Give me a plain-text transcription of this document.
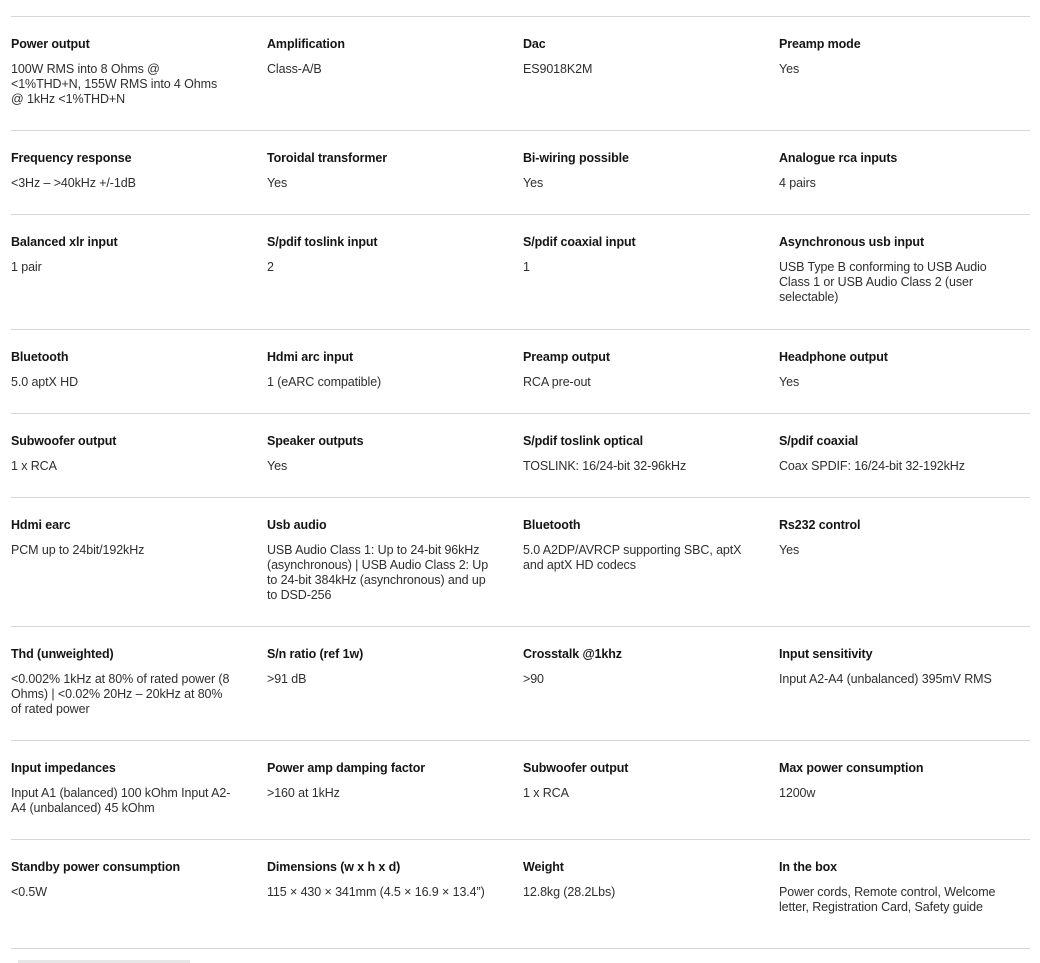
Power output
100W RMS into 8 Ohms @ <1%THD+N, 155W RMS into 4 Ohms @ 1kHz <1%THD+N
Amplification
Class-A/B
Dac
ES9018K2M
Preamp mode
Yes
Frequency response
<3Hz – >40kHz +/-1dB
Toroidal transformer
Yes
Bi-wiring possible
Yes
Analogue rca inputs
4 pairs
Balanced xlr input
1 pair
S/pdif toslink input
2
S/pdif coaxial input
1
Asynchronous usb input
USB Type B conforming to USB Audio Class 1 or USB Audio Class 2 (user selectable)
Bluetooth
5.0 aptX HD
Hdmi arc input
1 (eARC compatible)
Preamp output
RCA pre-out
Headphone output
Yes
Subwoofer output
1 x RCA
Speaker outputs
Yes
S/pdif toslink optical
TOSLINK: 16/24-bit 32-96kHz
S/pdif coaxial
Coax SPDIF: 16/24-bit 32-192kHz
Hdmi earc
PCM up to 24bit/192kHz
Usb audio
USB Audio Class 1: Up to 24-bit 96kHz (asynchronous) | USB Audio Class 2: Up to 24-bit 384kHz (asynchronous) and up to DSD-256
Bluetooth
5.0 A2DP/AVRCP supporting SBC, aptX and aptX HD codecs
Rs232 control
Yes
Thd (unweighted)
<0.002% 1kHz at 80% of rated power (8 Ohms) | <0.02% 20Hz – 20kHz at 80% of rated power
S/n ratio (ref 1w)
>91 dB
Crosstalk @1khz
>90
Input sensitivity
Input A2-A4 (unbalanced) 395mV RMS
Input impedances
Input A1 (balanced) 100 kOhm Input A2-A4 (unbalanced) 45 kOhm
Power amp damping factor
>160 at 1kHz
Subwoofer output
1 x RCA
Max power consumption
1200w
Standby power consumption
<0.5W
Dimensions (w x h x d)
115 × 430 × 341mm (4.5 × 16.9 × 13.4”)
Weight
12.8kg (28.2Lbs)
In the box
Power cords, Remote control, Welcome letter, Registration Card, Safety guide
